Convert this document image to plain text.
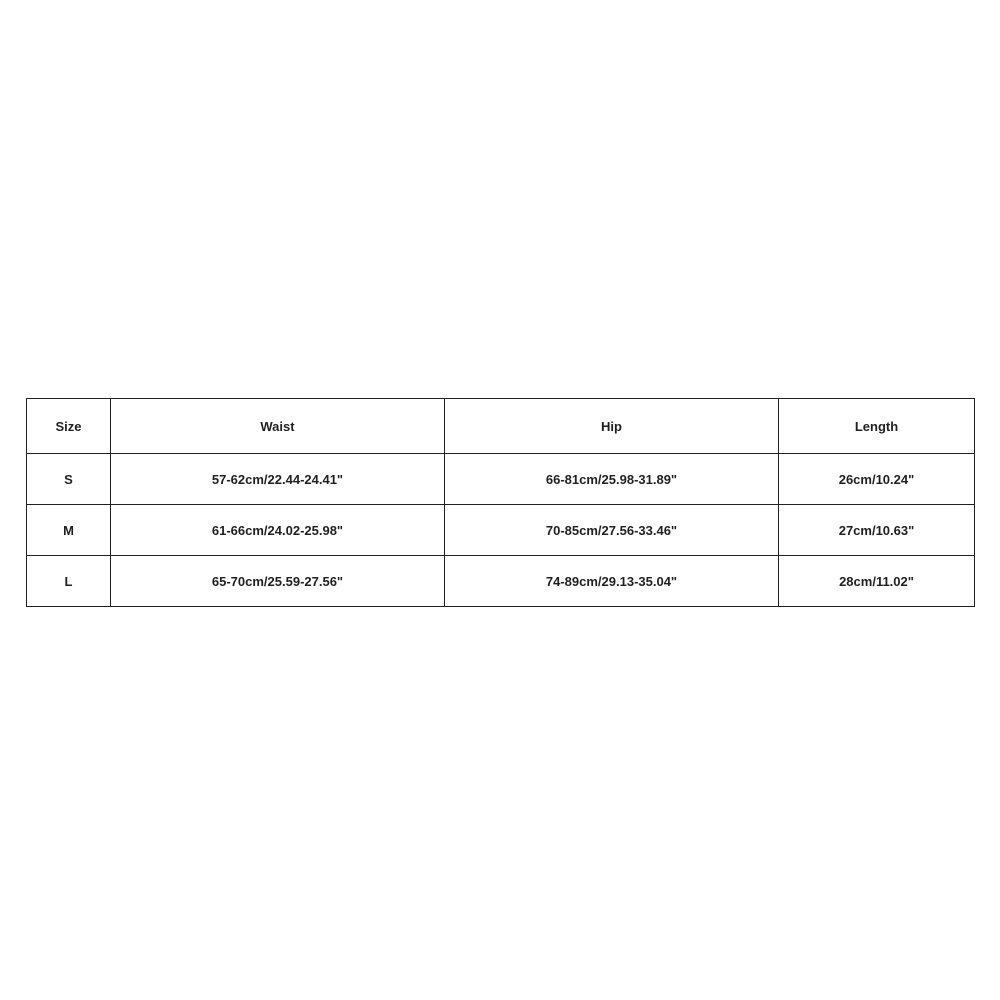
Size	Waist	Hip	Length
S	57-62cm/22.44-24.41"	66-81cm/25.98-31.89"	26cm/10.24"
M	61-66cm/24.02-25.98"	70-85cm/27.56-33.46"	27cm/10.63"
L	65-70cm/25.59-27.56"	74-89cm/29.13-35.04"	28cm/11.02"
